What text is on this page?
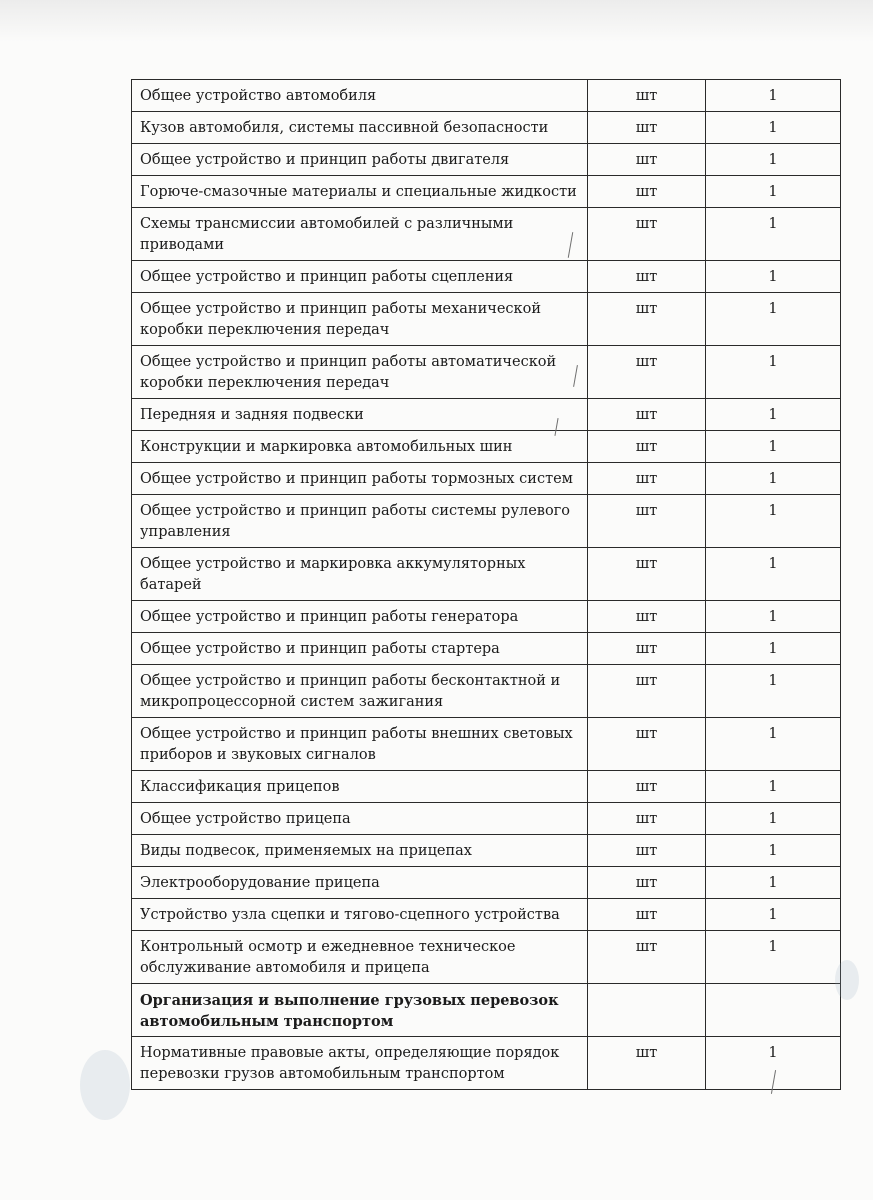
Общее устройство автомобиля	шт	1
Кузов автомобиля, системы пассивной безопасности	шт	1
Общее устройство и принцип работы двигателя	шт	1
Горюче-смазочные материалы и специальные жидкости	шт	1
Схемы трансмиссии автомобилей с различными приводами	шт	1
Общее устройство и принцип работы сцепления	шт	1
Общее устройство и принцип работы механической коробки переключения передач	шт	1
Общее устройство и принцип работы автоматической коробки переключения передач	шт	1
Передняя и задняя подвески	шт	1
Конструкции и маркировка автомобильных шин	шт	1
Общее устройство и принцип работы тормозных систем	шт	1
Общее устройство и принцип работы системы рулевого управления	шт	1
Общее устройство и маркировка аккумуляторных батарей	шт	1
Общее устройство и принцип работы генератора	шт	1
Общее устройство и принцип работы стартера	шт	1
Общее устройство и принцип работы бесконтактной и микропроцессорной систем зажигания	шт	1
Общее устройство и принцип работы внешних световых приборов и звуковых сигналов	шт	1
Классификация прицепов	шт	1
Общее устройство прицепа	шт	1
Виды подвесок, применяемых на прицепах	шт	1
Электрооборудование прицепа	шт	1
Устройство узла сцепки и тягово-сцепного устройства	шт	1
Контрольный осмотр и ежедневное техническое обслуживание автомобиля и прицепа	шт	1
Организация и выполнение грузовых перевозок автомобильным транспортом		
Нормативные правовые акты, определяющие порядок перевозки грузов автомобильным транспортом	шт	1
